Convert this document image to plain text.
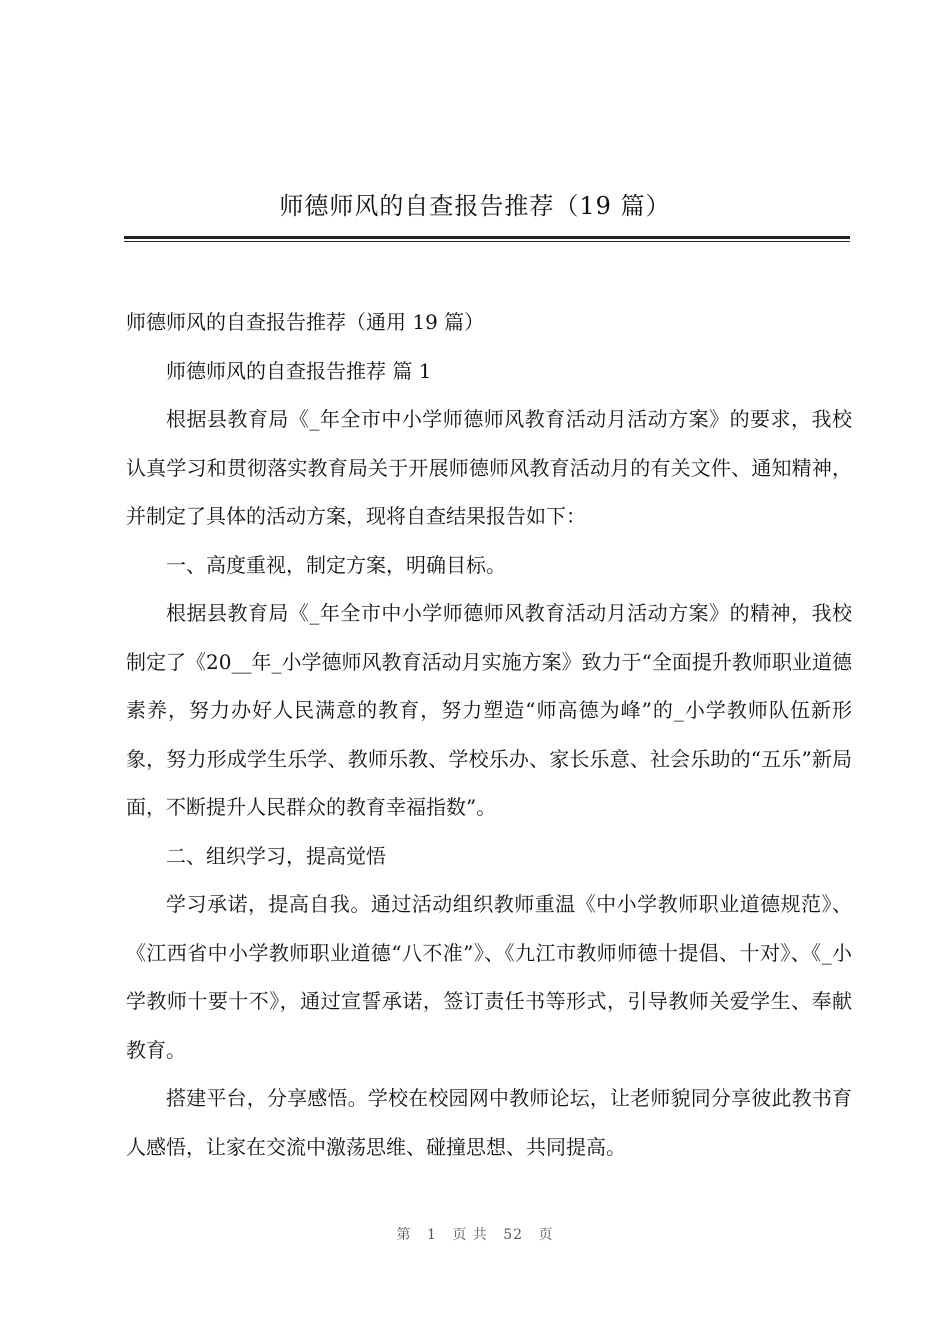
师德师风的自查报告推荐（19 篇）

师德师风的自查报告推荐（通用 19 篇）

师德师风的自查报告推荐 篇 1

根据县教育局《_年全市中小学师德师风教育活动月活动方案》的要求，我校认真学习和贯彻落实教育局关于开展师德师风教育活动月的有关文件、通知精神，并制定了具体的活动方案，现将自查结果报告如下：

一、高度重视，制定方案，明确目标。

根据县教育局《_年全市中小学师德师风教育活动月活动方案》的精神，我校制定了《20__年_小学德师风教育活动月实施方案》致力于“全面提升教师职业道德素养，努力办好人民满意的教育，努力塑造“师高德为峰”的_小学教师队伍新形象，努力形成学生乐学、教师乐教、学校乐办、家长乐意、社会乐助的“五乐”新局面，不断提升人民群众的教育幸福指数”。

二、组织学习，提高觉悟

学习承诺，提高自我。通过活动组织教师重温《中小学教师职业道德规范》、《江西省中小学教师职业道德“八不准”》、《九江市教师师德十提倡、十对》、《_小学教师十要十不》，通过宣誓承诺，签订责任书等形式，引导教师关爱学生、奉献教育。

搭建平台，分享感悟。学校在校园网中教师论坛，让老师貌同分享彼此教书育人感悟，让家在交流中激荡思维、碰撞思想、共同提高。

第 1 页 共 52 页
